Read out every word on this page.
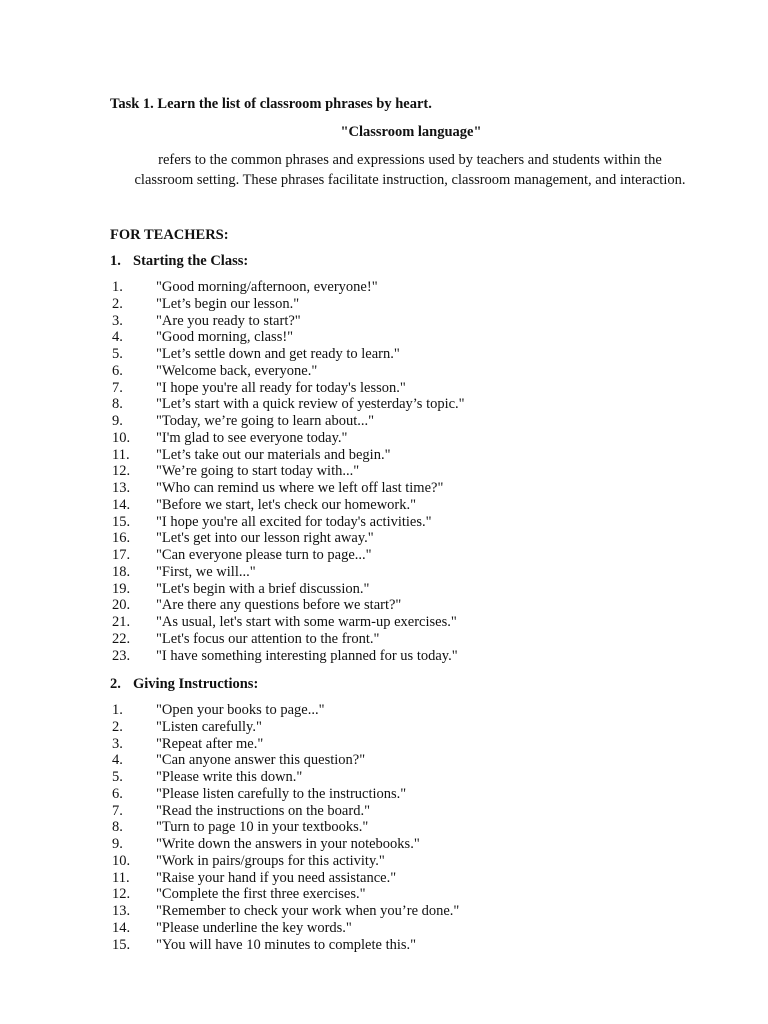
Task 1. Learn the list of classroom phrases by heart.
"Classroom language"
refers to the common phrases and expressions used by teachers and students within the
classroom setting. These phrases facilitate instruction, classroom management, and interaction.
FOR TEACHERS:
1. Starting the Class:
1.	"Good morning/afternoon, everyone!"
2.	"Let’s begin our lesson."
3.	"Are you ready to start?"
4.	"Good morning, class!"
5.	"Let’s settle down and get ready to learn."
6.	"Welcome back, everyone."
7.	"I hope you're all ready for today's lesson."
8.	"Let’s start with a quick review of yesterday’s topic."
9.	"Today, we’re going to learn about..."
10.	"I'm glad to see everyone today."
11.	"Let’s take out our materials and begin."
12.	"We’re going to start today with..."
13.	"Who can remind us where we left off last time?"
14.	"Before we start, let's check our homework."
15.	"I hope you're all excited for today's activities."
16.	"Let's get into our lesson right away."
17.	"Can everyone please turn to page..."
18.	"First, we will..."
19.	"Let's begin with a brief discussion."
20.	"Are there any questions before we start?"
21.	"As usual, let's start with some warm-up exercises."
22.	"Let's focus our attention to the front."
23.	"I have something interesting planned for us today."
2. Giving Instructions:
1.	"Open your books to page..."
2.	"Listen carefully."
3.	"Repeat after me."
4.	"Can anyone answer this question?"
5.	"Please write this down."
6.	"Please listen carefully to the instructions."
7.	"Read the instructions on the board."
8.	"Turn to page 10 in your textbooks."
9.	"Write down the answers in your notebooks."
10.	"Work in pairs/groups for this activity."
11.	"Raise your hand if you need assistance."
12.	"Complete the first three exercises."
13.	"Remember to check your work when you’re done."
14.	"Please underline the key words."
15.	"You will have 10 minutes to complete this."
